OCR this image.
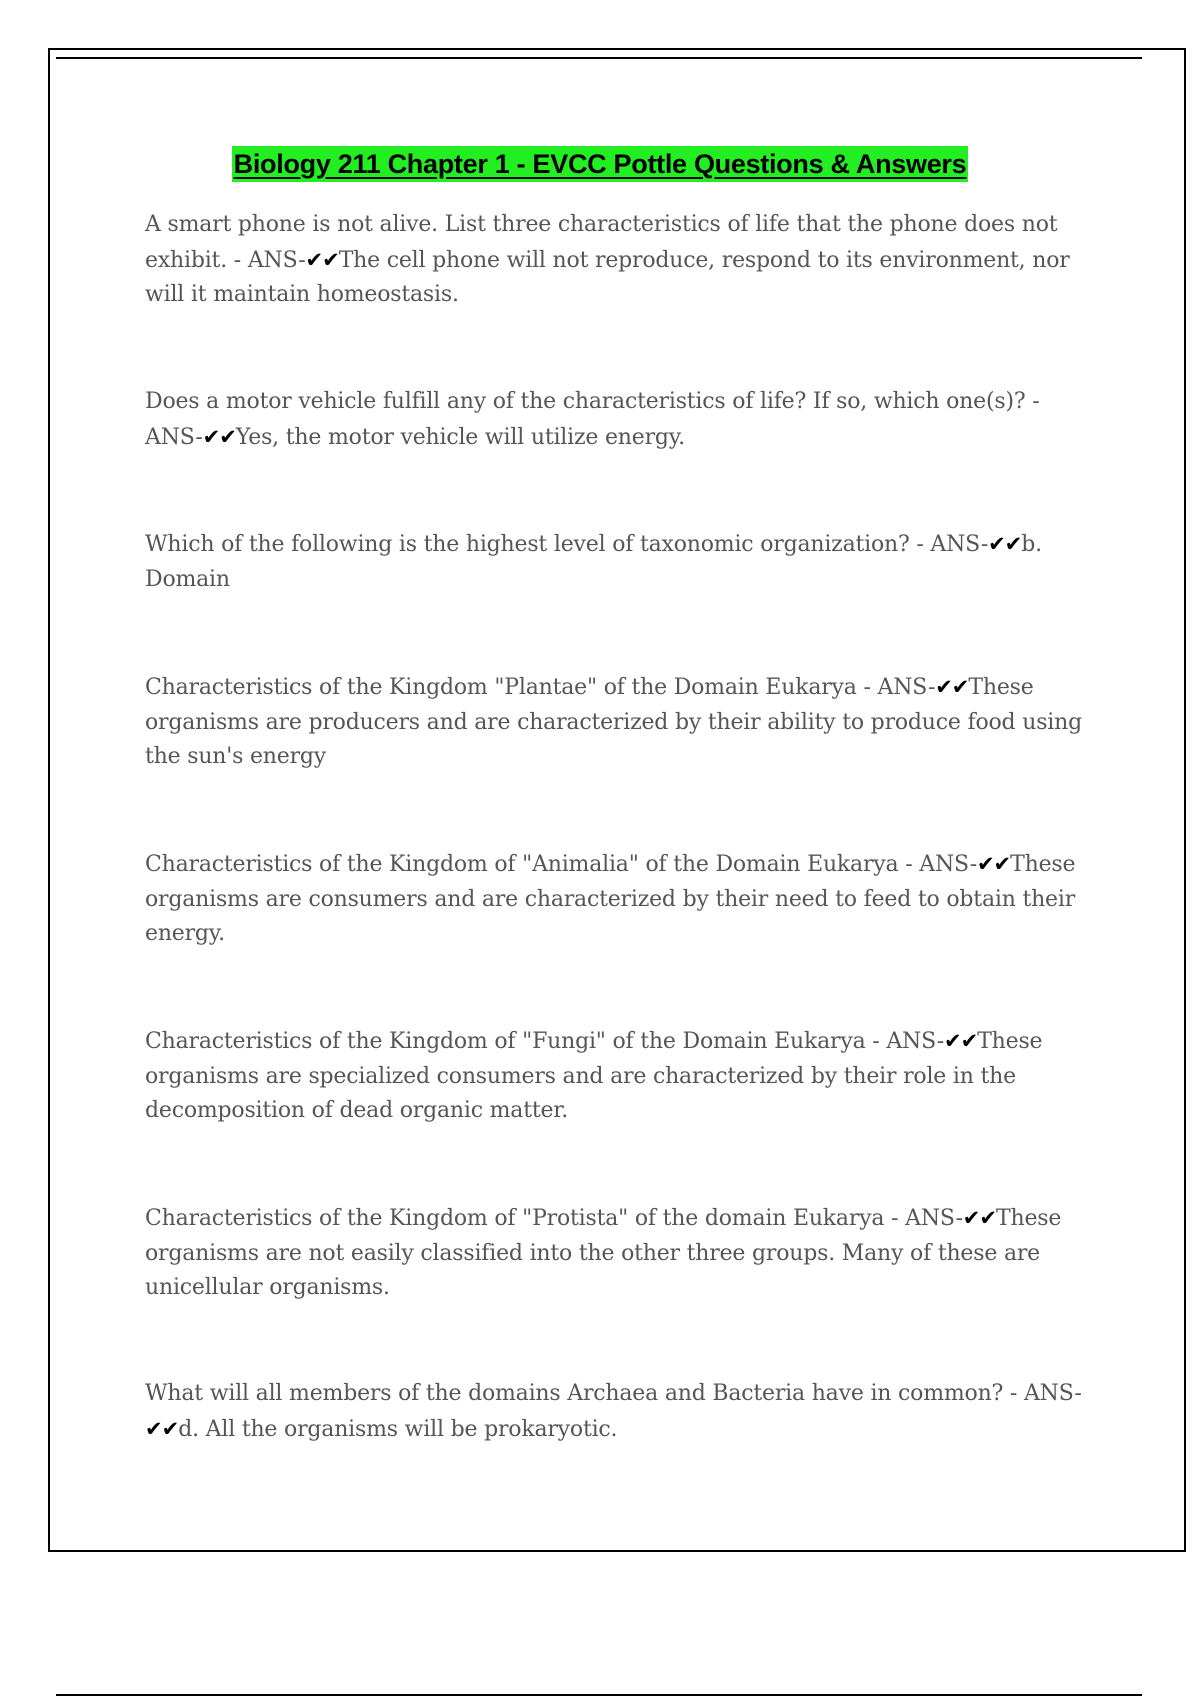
Biology 211 Chapter 1 - EVCC Pottle Questions & Answers

A smart phone is not alive. List three characteristics of life that the phone does not exhibit. - ANS-✔✔The cell phone will not reproduce, respond to its environment, nor will it maintain homeostasis.

Does a motor vehicle fulfill any of the characteristics of life? If so, which one(s)? - ANS-✔✔Yes, the motor vehicle will utilize energy.

Which of the following is the highest level of taxonomic organization? - ANS-✔✔b. Domain

Characteristics of the Kingdom "Plantae" of the Domain Eukarya - ANS-✔✔These organisms are producers and are characterized by their ability to produce food using the sun's energy

Characteristics of the Kingdom of "Animalia" of the Domain Eukarya - ANS-✔✔These organisms are consumers and are characterized by their need to feed to obtain their energy.

Characteristics of the Kingdom of "Fungi" of the Domain Eukarya - ANS-✔✔These organisms are specialized consumers and are characterized by their role in the decomposition of dead organic matter.

Characteristics of the Kingdom of "Protista" of the domain Eukarya - ANS-✔✔These organisms are not easily classified into the other three groups. Many of these are unicellular organisms.

What will all members of the domains Archaea and Bacteria have in common? - ANS-✔✔d. All the organisms will be prokaryotic.
